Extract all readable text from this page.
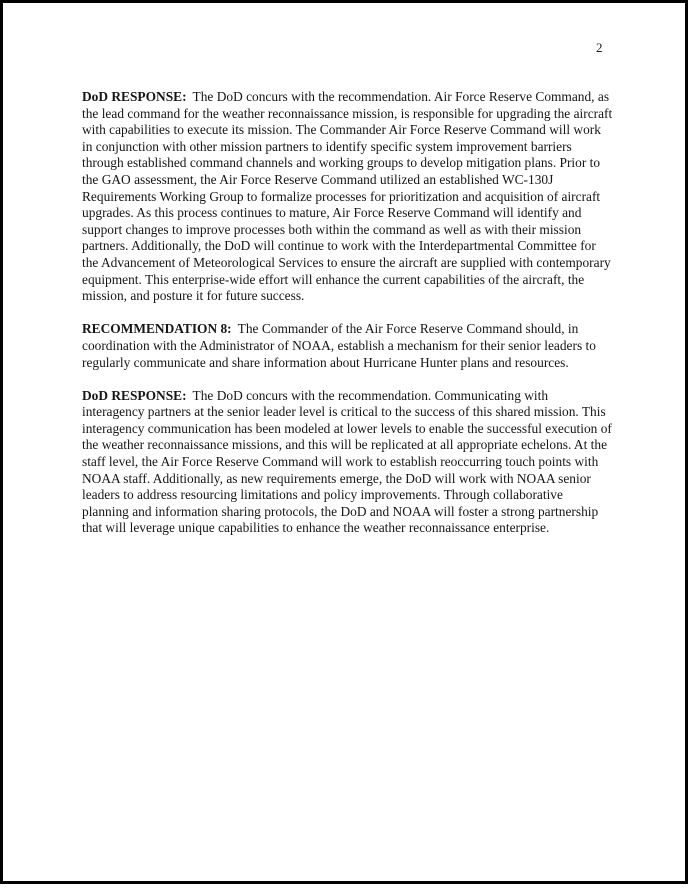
2

DoD RESPONSE: The DoD concurs with the recommendation. Air Force Reserve Command, as the lead command for the weather reconnaissance mission, is responsible for upgrading the aircraft with capabilities to execute its mission. The Commander Air Force Reserve Command will work in conjunction with other mission partners to identify specific system improvement barriers through established command channels and working groups to develop mitigation plans. Prior to the GAO assessment, the Air Force Reserve Command utilized an established WC-130J Requirements Working Group to formalize processes for prioritization and acquisition of aircraft upgrades. As this process continues to mature, Air Force Reserve Command will identify and support changes to improve processes both within the command as well as with their mission partners. Additionally, the DoD will continue to work with the Interdepartmental Committee for the Advancement of Meteorological Services to ensure the aircraft are supplied with contemporary equipment. This enterprise-wide effort will enhance the current capabilities of the aircraft, the mission, and posture it for future success.

RECOMMENDATION 8: The Commander of the Air Force Reserve Command should, in coordination with the Administrator of NOAA, establish a mechanism for their senior leaders to regularly communicate and share information about Hurricane Hunter plans and resources.

DoD RESPONSE: The DoD concurs with the recommendation. Communicating with interagency partners at the senior leader level is critical to the success of this shared mission. This interagency communication has been modeled at lower levels to enable the successful execution of the weather reconnaissance missions, and this will be replicated at all appropriate echelons. At the staff level, the Air Force Reserve Command will work to establish reoccurring touch points with NOAA staff. Additionally, as new requirements emerge, the DoD will work with NOAA senior leaders to address resourcing limitations and policy improvements. Through collaborative planning and information sharing protocols, the DoD and NOAA will foster a strong partnership that will leverage unique capabilities to enhance the weather reconnaissance enterprise.
